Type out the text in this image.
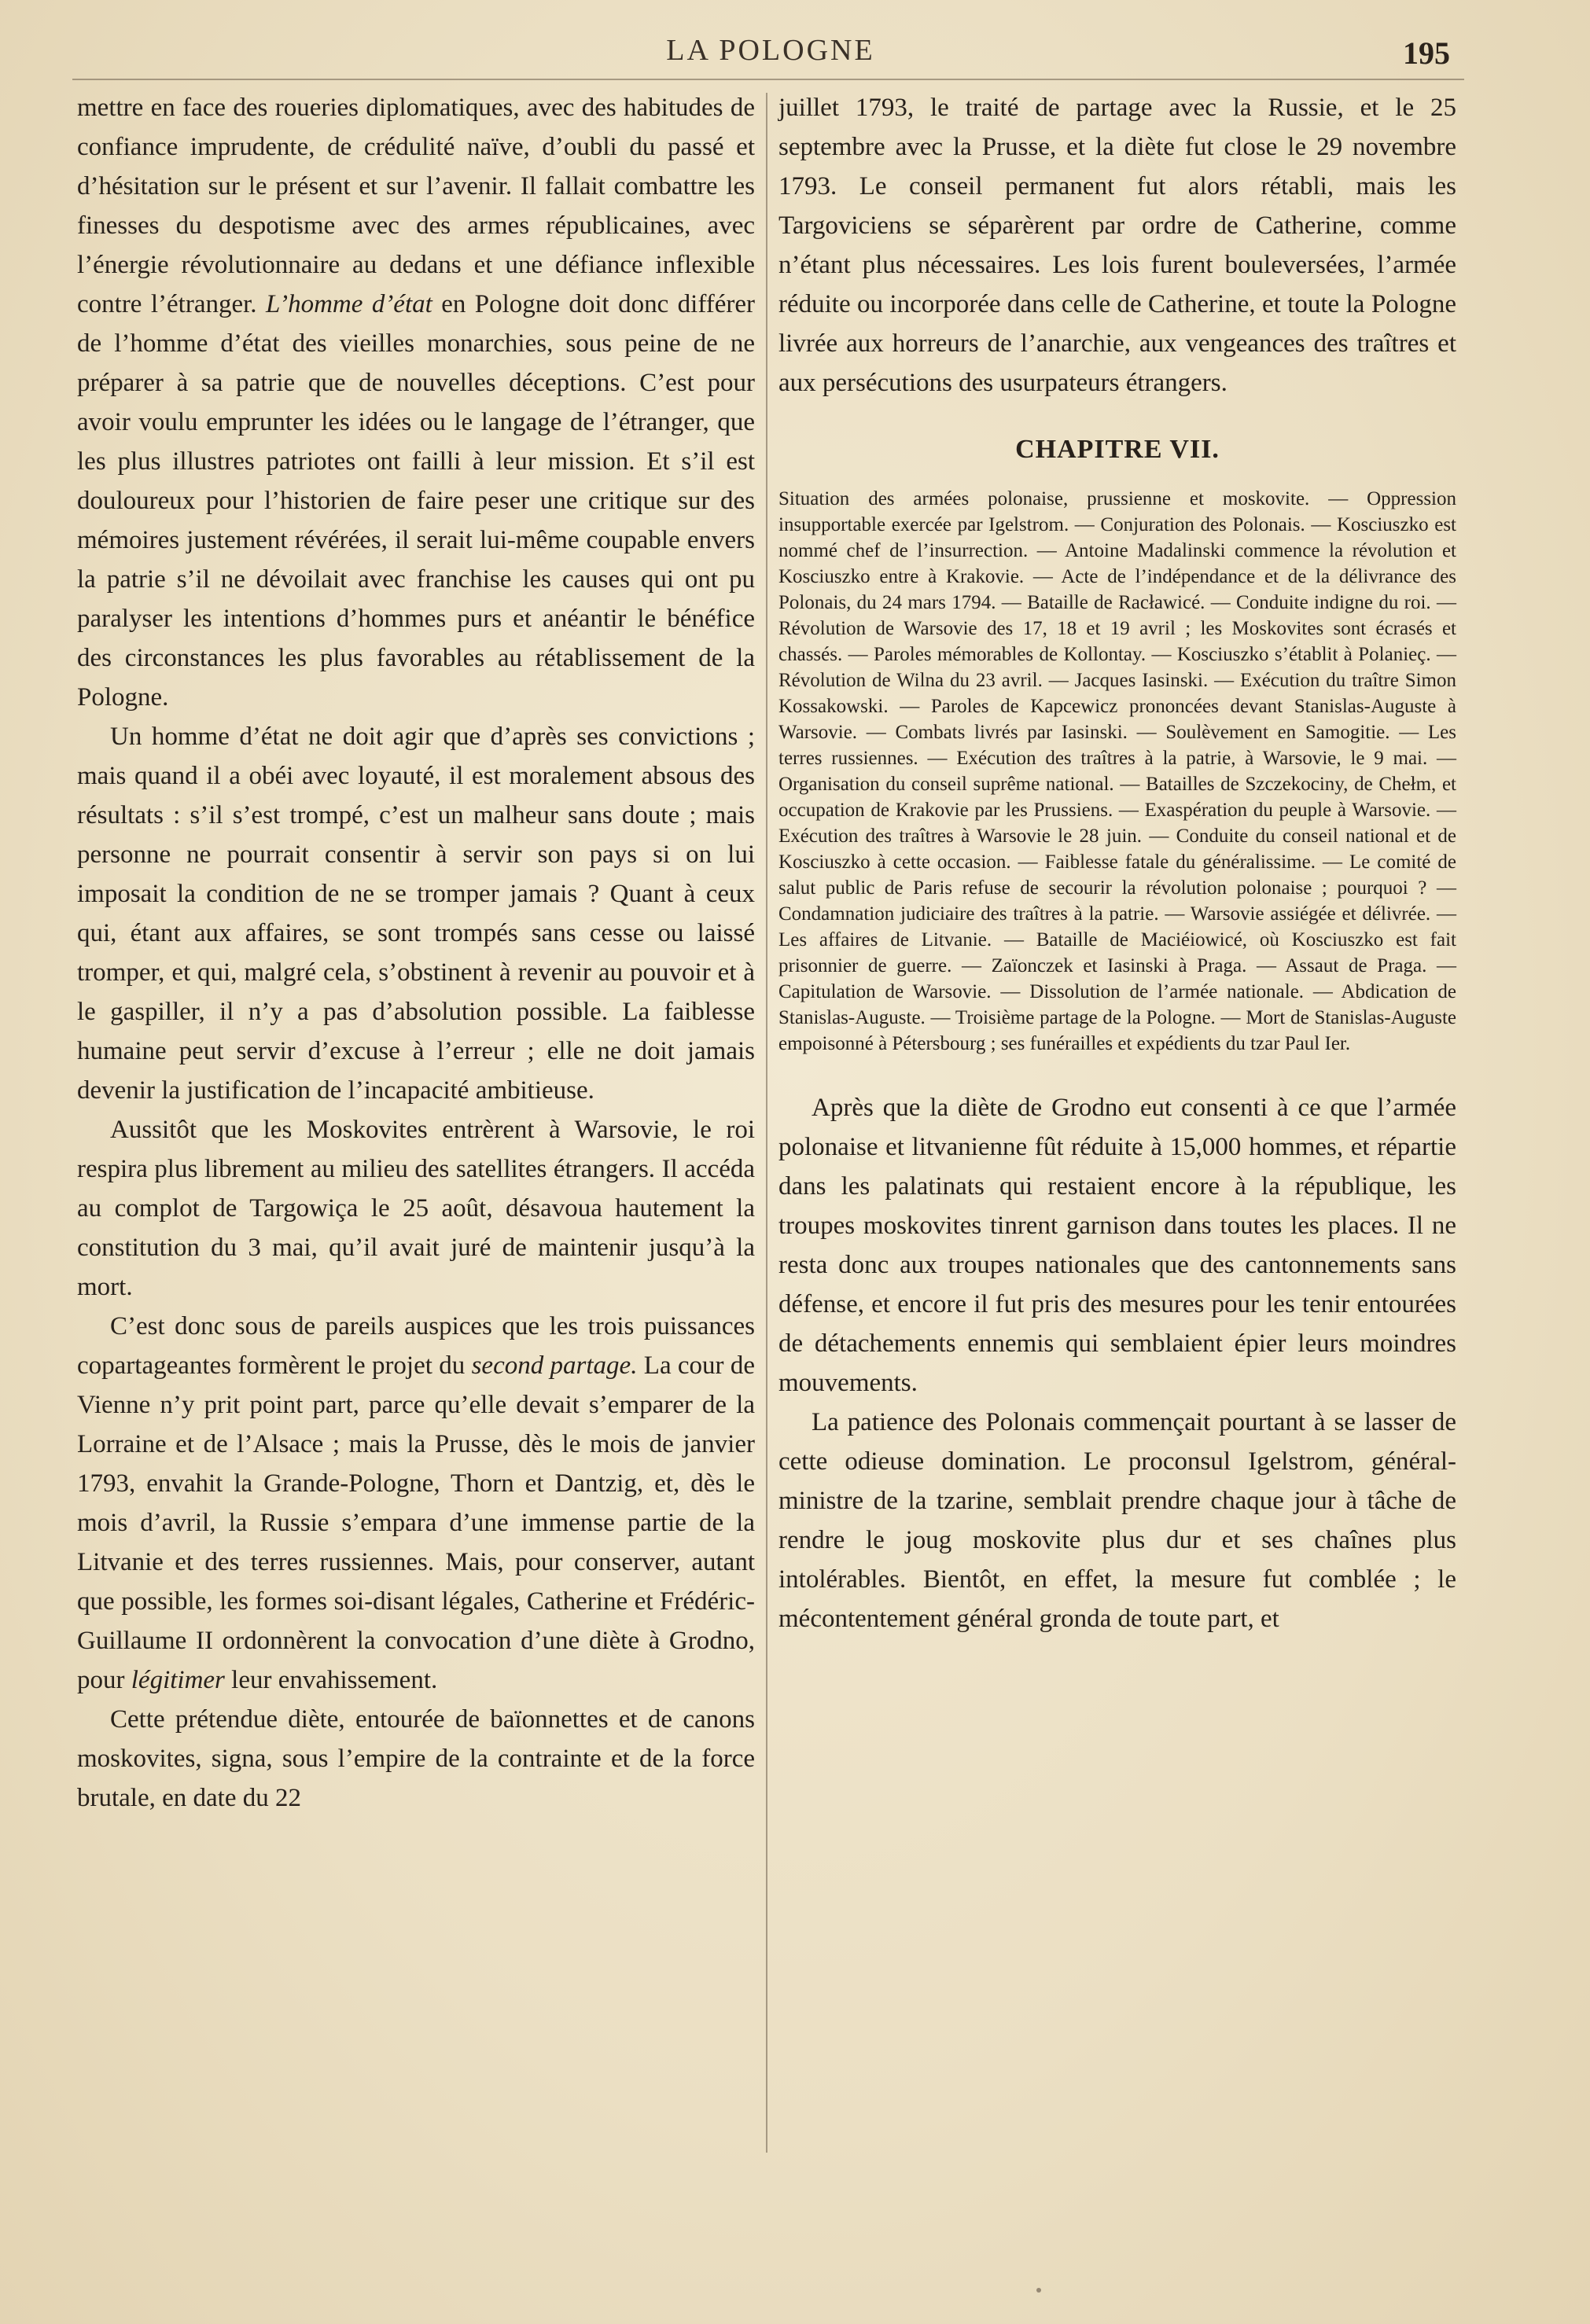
LA POLOGNE	195

mettre en face des roueries diplomatiques, avec des habitudes de confiance imprudente, de crédulité naïve, d’oubli du passé et d’hésitation sur le présent et sur l’avenir. Il fallait combattre les finesses du despotisme avec des armes républicaines, avec l’énergie révolutionnaire au dedans et une défiance inflexible contre l’étranger. L’homme d’état en Pologne doit donc différer de l’homme d’état des vieilles monarchies, sous peine de ne préparer à sa patrie que de nouvelles déceptions. C’est pour avoir voulu emprunter les idées ou le langage de l’étranger, que les plus illustres patriotes ont failli à leur mission. Et s’il est douloureux pour l’historien de faire peser une critique sur des mémoires justement révérées, il serait lui-même coupable envers la patrie s’il ne dévoilait avec franchise les causes qui ont pu paralyser les intentions d’hommes purs et anéantir le bénéfice des circonstances les plus favorables au rétablissement de la Pologne.

Un homme d’état ne doit agir que d’après ses convictions ; mais quand il a obéi avec loyauté, il est moralement absous des résultats : s’il s’est trompé, c’est un malheur sans doute ; mais personne ne pourrait consentir à servir son pays si on lui imposait la condition de ne se tromper jamais ? Quant à ceux qui, étant aux affaires, se sont trompés sans cesse ou laissé tromper, et qui, malgré cela, s’obstinent à revenir au pouvoir et à le gaspiller, il n’y a pas d’absolution possible. La faiblesse humaine peut servir d’excuse à l’erreur ; elle ne doit jamais devenir la justification de l’incapacité ambitieuse.

Aussitôt que les Moskovites entrèrent à Warsovie, le roi respira plus librement au milieu des satellites étrangers. Il accéda au complot de Targowiça le 25 août, désavoua hautement la constitution du 3 mai, qu’il avait juré de maintenir jusqu’à la mort.

C’est donc sous de pareils auspices que les trois puissances copartageantes formèrent le projet du second partage. La cour de Vienne n’y prit point part, parce qu’elle devait s’emparer de la Lorraine et de l’Alsace ; mais la Prusse, dès le mois de janvier 1793, envahit la Grande-Pologne, Thorn et Dantzig, et, dès le mois d’avril, la Russie s’empara d’une immense partie de la Litvanie et des terres russiennes. Mais, pour conserver, autant que possible, les formes soi-disant légales, Catherine et Frédéric-Guillaume II ordonnèrent la convocation d’une diète à Grodno, pour légitimer leur envahissement.

Cette prétendue diète, entourée de baïonnettes et de canons moskovites, signa, sous l’empire de la contrainte et de la force brutale, en date du 22

juillet 1793, le traité de partage avec la Russie, et le 25 septembre avec la Prusse, et la diète fut close le 29 novembre 1793. Le conseil permanent fut alors rétabli, mais les Targoviciens se séparèrent par ordre de Catherine, comme n’étant plus nécessaires. Les lois furent bouleversées, l’armée réduite ou incorporée dans celle de Catherine, et toute la Pologne livrée aux horreurs de l’anarchie, aux vengeances des traîtres et aux persécutions des usurpateurs étrangers.

CHAPITRE VII.
Situation des armées polonaise, prussienne et moskovite. — Oppression insupportable exercée par Igelstrom. — Conjuration des Polonais. — Kosciuszko est nommé chef de l’insurrection. — Antoine Madalinski commence la révolution et Kosciuszko entre à Krakovie. — Acte de l’indépendance et de la délivrance des Polonais, du 24 mars 1794. — Bataille de Racławicé. — Conduite indigne du roi. — Révolution de Warsovie des 17, 18 et 19 avril ; les Moskovites sont écrasés et chassés. — Paroles mémorables de Kollontay. — Kosciuszko s’établit à Polanieç. — Révolution de Wilna du 23 avril. — Jacques Iasinski. — Exécution du traître Simon Kossakowski. — Paroles de Kapcewicz prononcées devant Stanislas-Auguste à Warsovie. — Combats livrés par Iasinski. — Soulèvement en Samogitie. — Les terres russiennes. — Exécution des traîtres à la patrie, à Warsovie, le 9 mai. — Organisation du conseil suprême national. — Batailles de Szczekociny, de Chełm, et occupation de Krakovie par les Prussiens. — Exaspération du peuple à Warsovie. — Exécution des traîtres à Warsovie le 28 juin. — Conduite du conseil national et de Kosciuszko à cette occasion. — Faiblesse fatale du généralissime. — Le comité de salut public de Paris refuse de secourir la révolution polonaise ; pourquoi ? — Condamnation judiciaire des traîtres à la patrie. — Warsovie assiégée et délivrée. — Les affaires de Litvanie. — Bataille de Maciéiowicé, où Kosciuszko est fait prisonnier de guerre. — Zaïonczek et Iasinski à Praga. — Assaut de Praga. — Capitulation de Warsovie. — Dissolution de l’armée nationale. — Abdication de Stanislas-Auguste. — Troisième partage de la Pologne. — Mort de Stanislas-Auguste empoisonné à Pétersbourg ; ses funérailles et expédients du tzar Paul Ier.

Après que la diète de Grodno eut consenti à ce que l’armée polonaise et litvanienne fût réduite à 15,000 hommes, et répartie dans les palatinats qui restaient encore à la république, les troupes moskovites tinrent garnison dans toutes les places. Il ne resta donc aux troupes nationales que des cantonnements sans défense, et encore il fut pris des mesures pour les tenir entourées de détachements ennemis qui semblaient épier leurs moindres mouvements.

La patience des Polonais commençait pourtant à se lasser de cette odieuse domination. Le proconsul Igelstrom, général-ministre de la tzarine, semblait prendre chaque jour à tâche de rendre le joug moskovite plus dur et ses chaînes plus intolérables. Bientôt, en effet, la mesure fut comblée ; le mécontentement général gronda de toute part, et
